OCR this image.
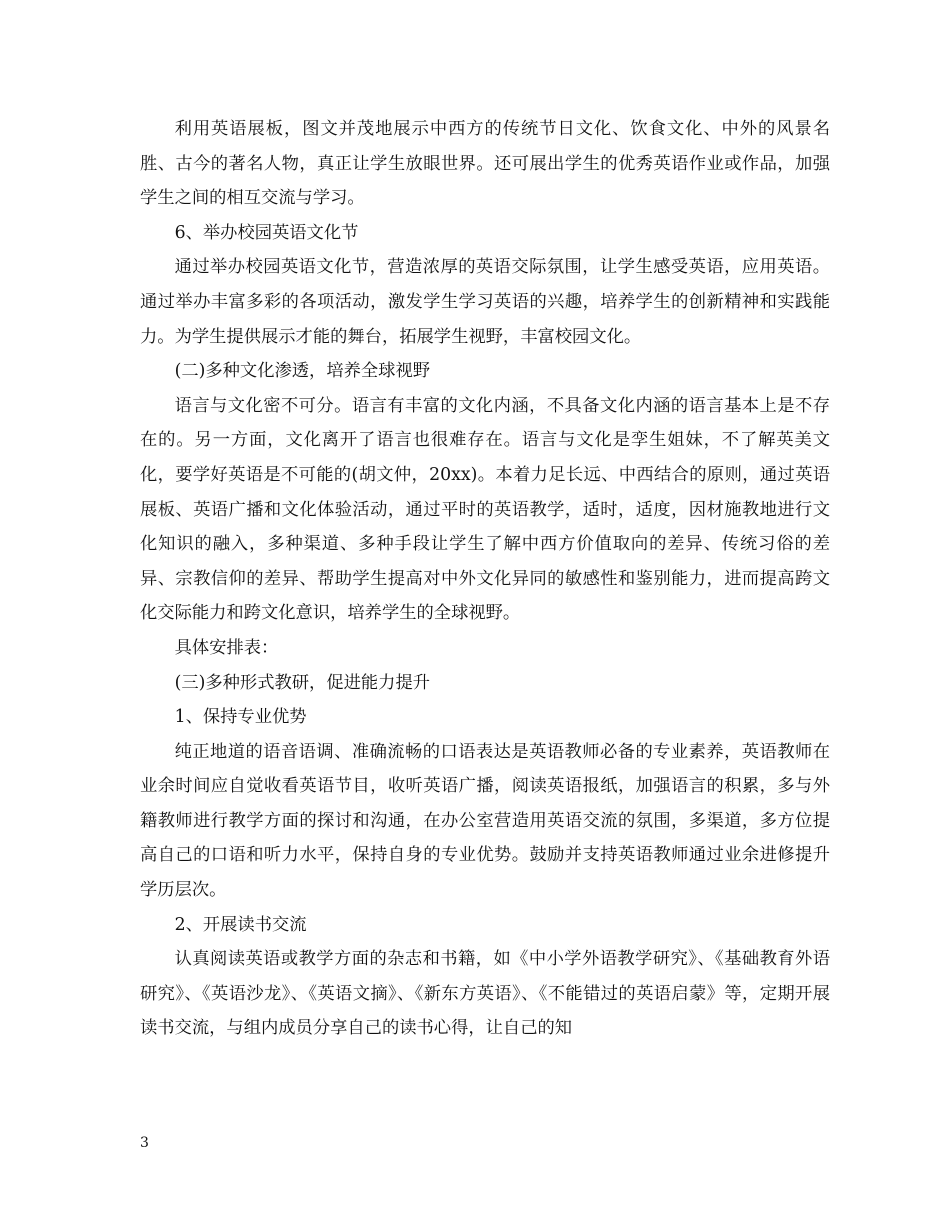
利用英语展板，图文并茂地展示中西方的传统节日文化、饮食文化、中外的风景名胜、古今的著名人物，真正让学生放眼世界。还可展出学生的优秀英语作业或作品，加强学生之间的相互交流与学习。

6、举办校园英语文化节

通过举办校园英语文化节，营造浓厚的英语交际氛围，让学生感受英语，应用英语。通过举办丰富多彩的各项活动，激发学生学习英语的兴趣，培养学生的创新精神和实践能力。为学生提供展示才能的舞台，拓展学生视野，丰富校园文化。

(二)多种文化渗透，培养全球视野

语言与文化密不可分。语言有丰富的文化内涵，不具备文化内涵的语言基本上是不存在的。另一方面，文化离开了语言也很难存在。语言与文化是孪生姐妹，不了解英美文化，要学好英语是不可能的(胡文仲，20xx)。本着力足长远、中西结合的原则，通过英语展板、英语广播和文化体验活动，通过平时的英语教学，适时，适度，因材施教地进行文化知识的融入，多种渠道、多种手段让学生了解中西方价值取向的差异、传统习俗的差异、宗教信仰的差异、帮助学生提高对中外文化异同的敏感性和鉴别能力，进而提高跨文化交际能力和跨文化意识，培养学生的全球视野。

具体安排表：

(三)多种形式教研，促进能力提升

1、保持专业优势

纯正地道的语音语调、准确流畅的口语表达是英语教师必备的专业素养，英语教师在业余时间应自觉收看英语节目，收听英语广播，阅读英语报纸，加强语言的积累，多与外籍教师进行教学方面的探讨和沟通，在办公室营造用英语交流的氛围，多渠道，多方位提高自己的口语和听力水平，保持自身的专业优势。鼓励并支持英语教师通过业余进修提升学历层次。

2、开展读书交流

认真阅读英语或教学方面的杂志和书籍，如《中小学外语教学研究》、《基础教育外语研究》、《英语沙龙》、《英语文摘》、《新东方英语》、《不能错过的英语启蒙》等，定期开展读书交流，与组内成员分享自己的读书心得，让自己的知

3
